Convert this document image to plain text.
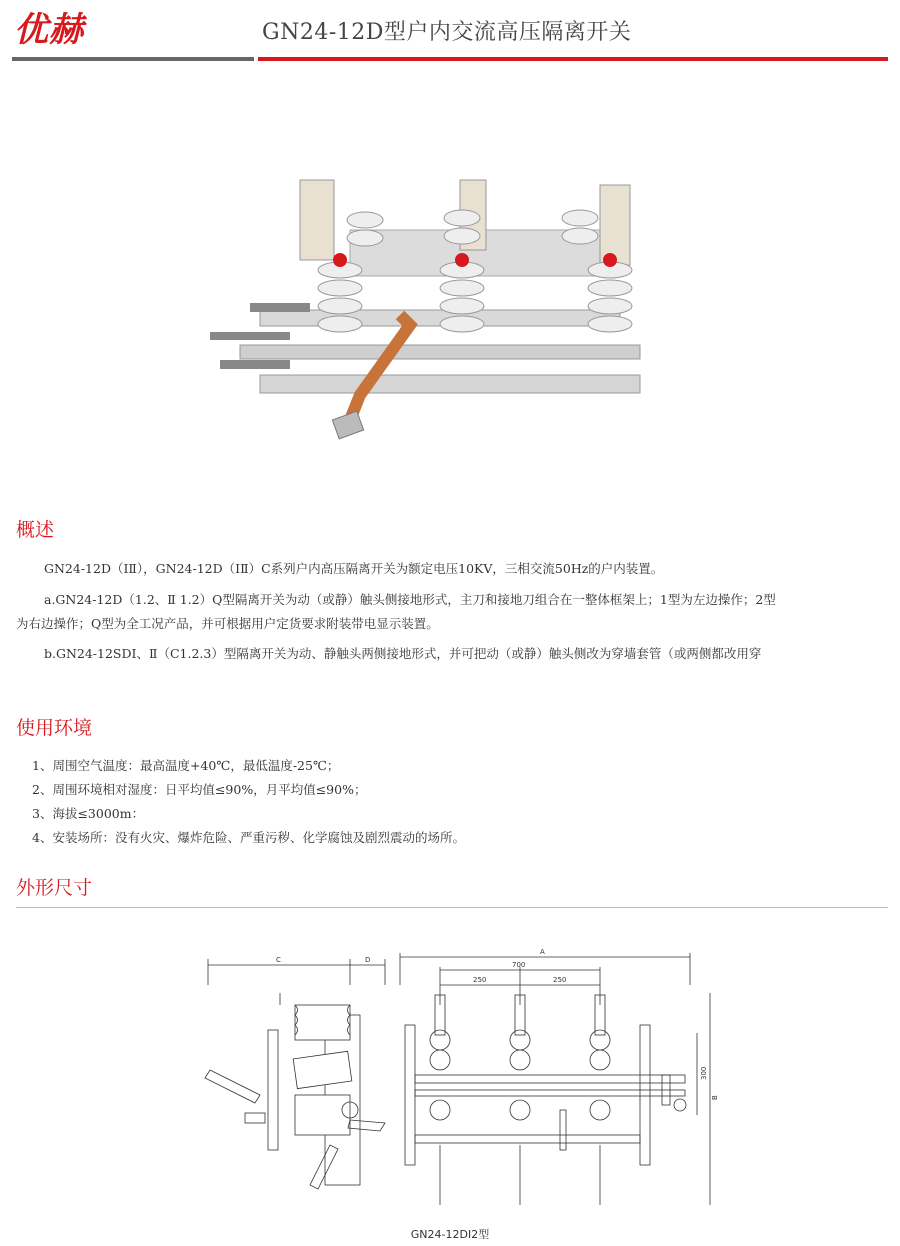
优赫	GN24-12D型户内交流高压隔离开关
概述
GN24-12D（ⅠⅡ），GN24-12D（ⅠⅡ）C系列户内高压隔离开关为额定电压10KV，三相交流50Hz的户内装置。
a.GN24-12D（1.2、Ⅱ 1.2）Q型隔离开关为动（或静）触头侧接地形式，主刀和接地刀组合在一整体框架上；1型为左边操作；2型
为右边操作；Q型为全工况产品，并可根据用户定货要求附装带电显示装置。
b.GN24-12SDⅠ、Ⅱ（C1.2.3）型隔离开关为动、静触头两侧接地形式，并可把动（或静）触头侧改为穿墙套管（或两侧都改用穿
使用环境
1、周围空气温度：最高温度+40℃，最低温度-25℃；
2、周围环境相对湿度：日平均值≤90%，月平均值≤90%；
3、海拔≤3000m：
4、安装场所：没有火灾、爆炸危险、严重污秽、化学腐蚀及剧烈震动的场所。
外形尺寸
C	D
A
700
250	250
300
B
GN24-12DⅠ2型
